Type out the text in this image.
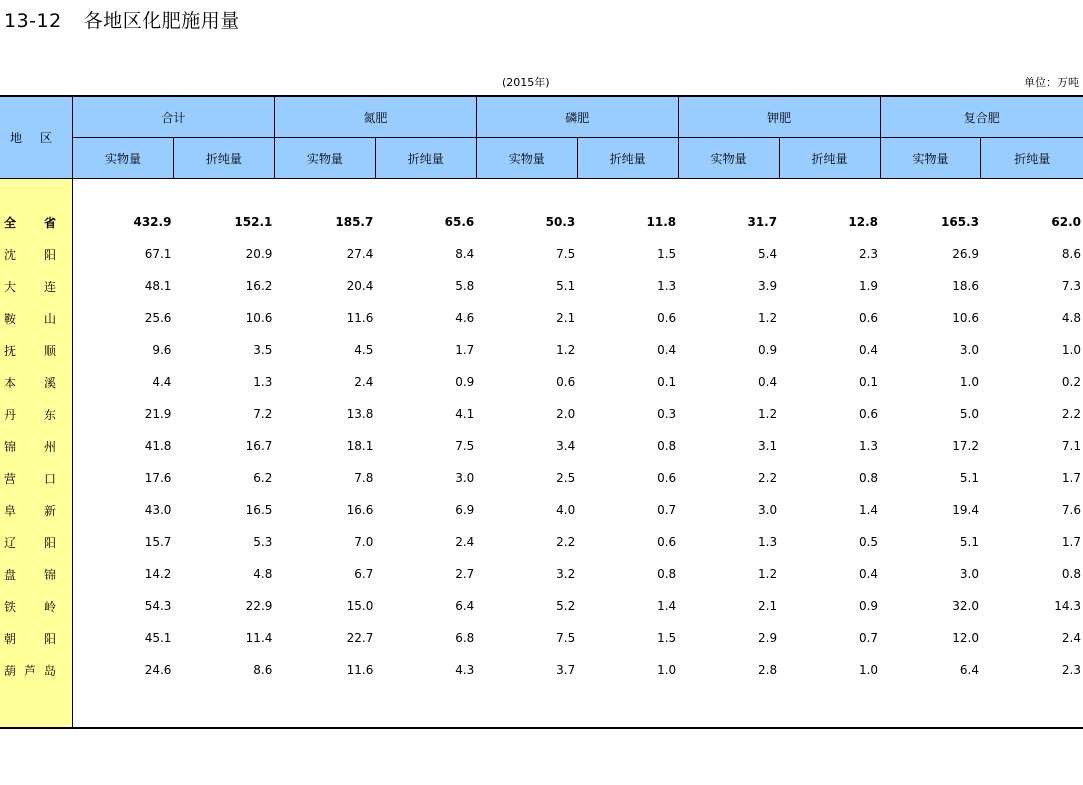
13-12 各地区化肥施用量
(2015年)	单位：万吨
地区	合计		氮肥		磷肥		钾肥		复合肥	
	实物量	折纯量	实物量	折纯量	实物量	折纯量	实物量	折纯量	实物量	折纯量

全 省	432.9	152.1	185.7	65.6	50.3	11.8	31.7	12.8	165.3	62.0

沈 阳	67.1	20.9	27.4	8.4	7.5	1.5	5.4	2.3	26.9	8.6

大 连	48.1	16.2	20.4	5.8	5.1	1.3	3.9	1.9	18.6	7.3

鞍 山	25.6	10.6	11.6	4.6	2.1	0.6	1.2	0.6	10.6	4.8

抚 顺	9.6	3.5	4.5	1.7	1.2	0.4	0.9	0.4	3.0	1.0

本 溪	4.4	1.3	2.4	0.9	0.6	0.1	0.4	0.1	1.0	0.2

丹 东	21.9	7.2	13.8	4.1	2.0	0.3	1.2	0.6	5.0	2.2

锦 州	41.8	16.7	18.1	7.5	3.4	0.8	3.1	1.3	17.2	7.1

营 口	17.6	6.2	7.8	3.0	2.5	0.6	2.2	0.8	5.1	1.7

阜 新	43.0	16.5	16.6	6.9	4.0	0.7	3.0	1.4	19.4	7.6

辽 阳	15.7	5.3	7.0	2.4	2.2	0.6	1.3	0.5	5.1	1.7

盘 锦	14.2	4.8	6.7	2.7	3.2	0.8	1.2	0.4	3.0	0.8

铁 岭	54.3	22.9	15.0	6.4	5.2	1.4	2.1	0.9	32.0	14.3

朝 阳	45.1	11.4	22.7	6.8	7.5	1.5	2.9	0.7	12.0	2.4

葫 芦 岛	24.6	8.6	11.6	4.3	3.7	1.0	2.8	1.0	6.4	2.3
